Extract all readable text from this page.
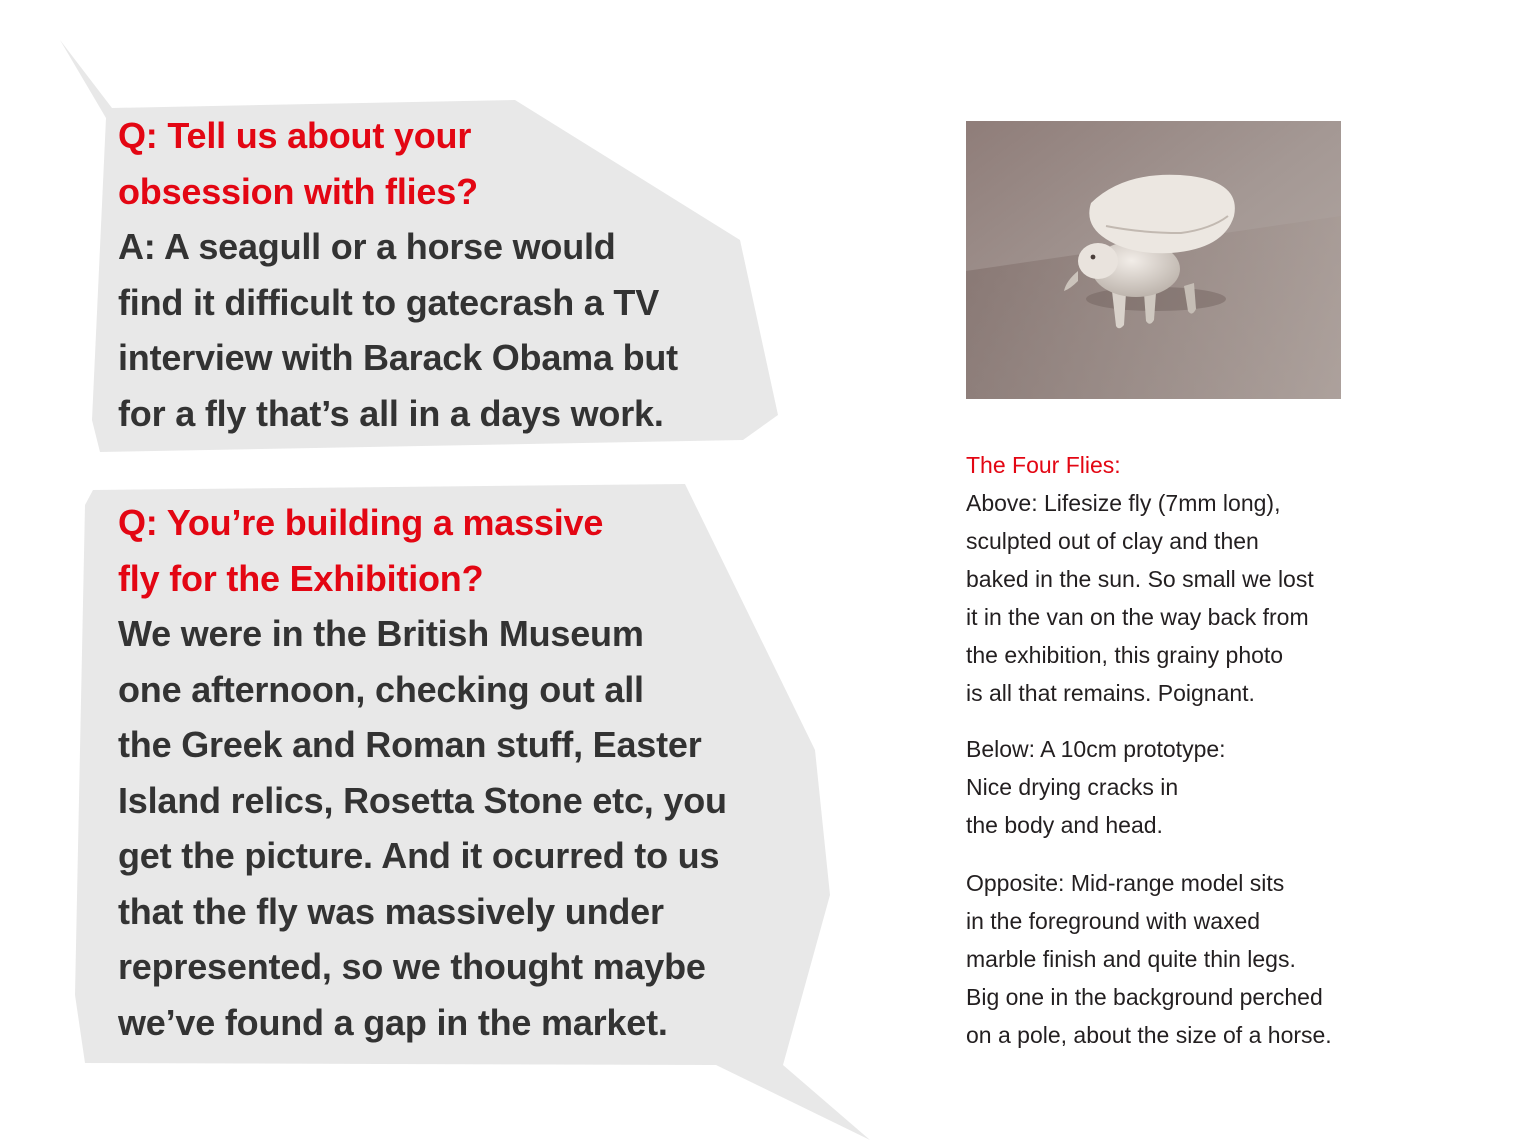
Q: Tell us about your
obsession with flies?
A: A seagull or a horse would
find it difficult to gatecrash a TV
interview with Barack Obama but
for a fly that’s all in a days work.
Q: You’re building a massive
fly for the Exhibition?
We were in the British Museum
one afternoon, checking out all
the Greek and Roman stuff, Easter
Island relics, Rosetta Stone etc, you
get the picture. And it ocurred to us
that the fly was massively under
represented, so we thought maybe
we’ve found a gap in the market.
The Four Flies:
Above: Lifesize fly (7mm long),
sculpted out of clay and then
baked in the sun. So small we lost
it in the van on the way back from
the exhibition, this grainy photo
is all that remains. Poignant.
Below: A 10cm prototype:
Nice drying cracks in
the body and head.
Opposite: Mid-range model sits
in the foreground with waxed
marble finish and quite thin legs.
Big one in the background perched
on a pole, about the size of a horse.
